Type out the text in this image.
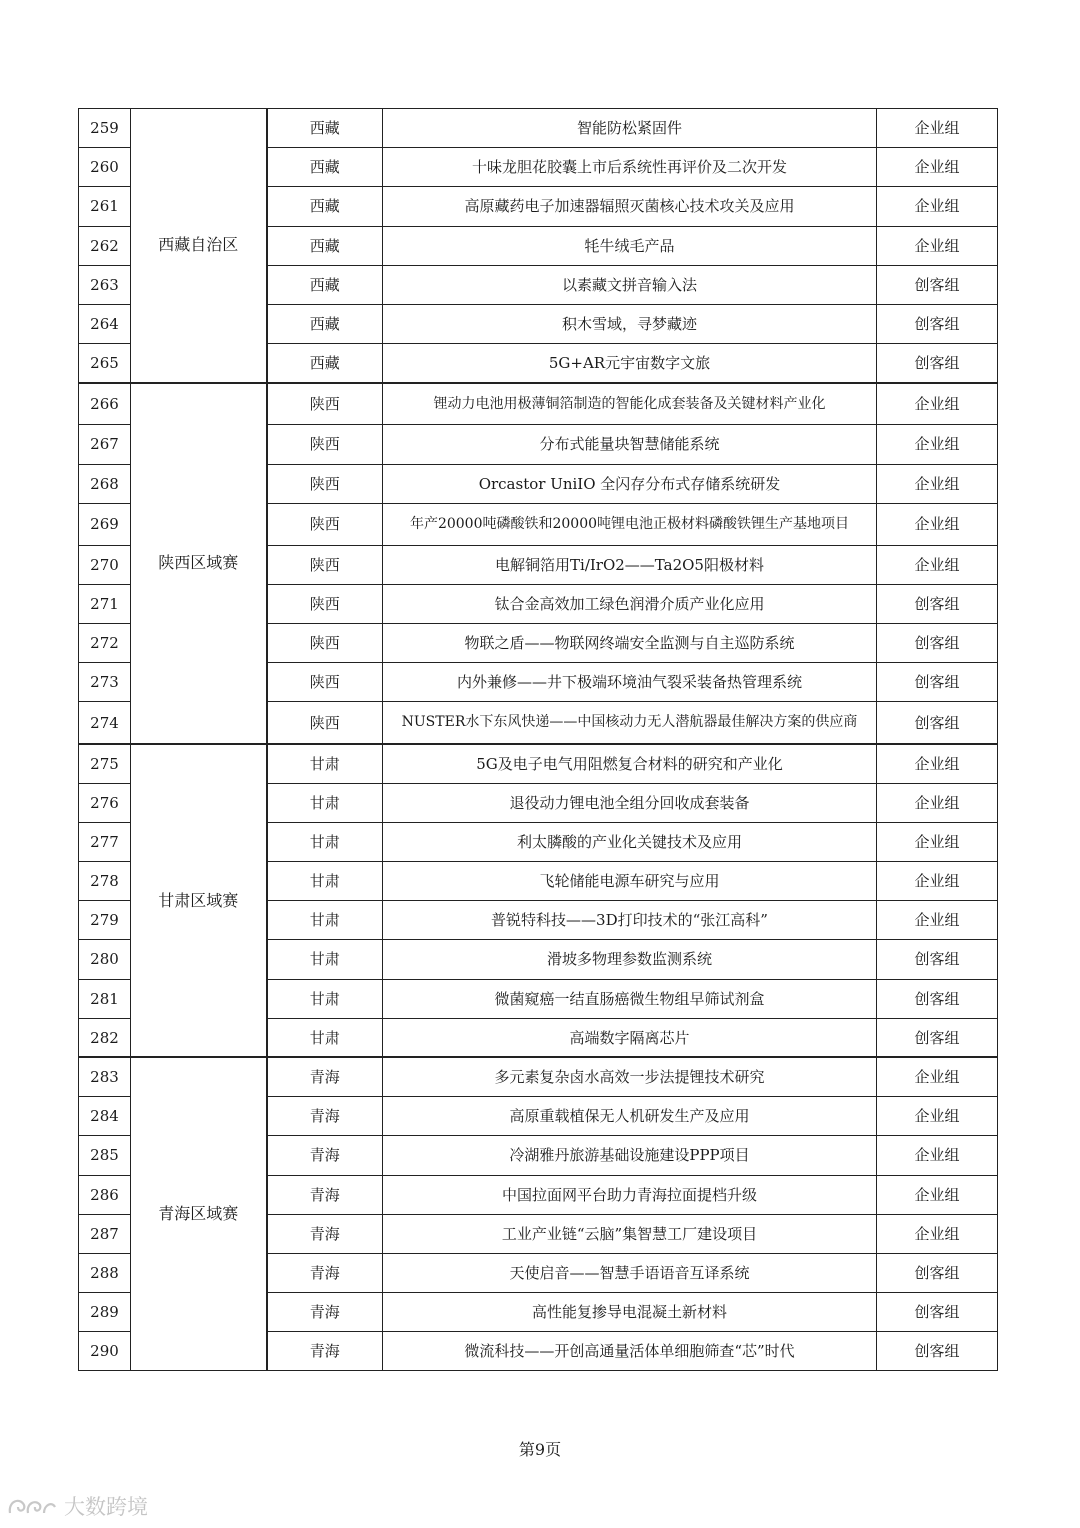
259	西藏自治区	西藏	智能防松紧固件	企业组
260		西藏	十味龙胆花胶囊上市后系统性再评价及二次开发	企业组
261		西藏	高原藏药电子加速器辐照灭菌核心技术攻关及应用	企业组
262		西藏	牦牛绒毛产品	企业组
263		西藏	以素藏文拼音输入法	创客组
264		西藏	积木雪域，寻梦藏迹	创客组
265		西藏	5G+AR元宇宙数字文旅	创客组
266	陕西区域赛	陕西	锂动力电池用极薄铜箔制造的智能化成套装备及关键材料产业化	企业组
267		陕西	分布式能量块智慧储能系统	企业组
268		陕西	Orcastor UniIO 全闪存分布式存储系统研发	企业组
269		陕西	年产20000吨磷酸铁和20000吨锂电池正极材料磷酸铁锂生产基地项目	企业组
270		陕西	电解铜箔用Ti/IrO2——Ta2O5阳极材料	企业组
271		陕西	钛合金高效加工绿色润滑介质产业化应用	创客组
272		陕西	物联之盾——物联网终端安全监测与自主巡防系统	创客组
273		陕西	内外兼修——井下极端环境油气裂采装备热管理系统	创客组
274		陕西	NUSTER水下东风快递——中国核动力无人潜航器最佳解决方案的供应商	创客组
275	甘肃区域赛	甘肃	5G及电子电气用阻燃复合材料的研究和产业化	企业组
276		甘肃	退役动力锂电池全组分回收成套装备	企业组
277		甘肃	利太膦酸的产业化关键技术及应用	企业组
278		甘肃	飞轮储能电源车研究与应用	企业组
279		甘肃	普锐特科技——3D打印技术的“张江高科”	企业组
280		甘肃	滑坡多物理参数监测系统	创客组
281		甘肃	微菌窥癌一结直肠癌微生物组早筛试剂盒	创客组
282		甘肃	高端数字隔离芯片	创客组
283	青海区域赛	青海	多元素复杂卤水高效一步法提锂技术研究	企业组
284		青海	高原重载植保无人机研发生产及应用	企业组
285		青海	冷湖雅丹旅游基础设施建设PPP项目	企业组
286		青海	中国拉面网平台助力青海拉面提档升级	企业组
287		青海	工业产业链“云脑”集智慧工厂建设项目	企业组
288		青海	天使启音——智慧手语语音互译系统	创客组
289		青海	高性能复掺导电混凝土新材料	创客组
290		青海	微流科技——开创高通量活体单细胞筛查“芯”时代	创客组
第9页
大数跨境
